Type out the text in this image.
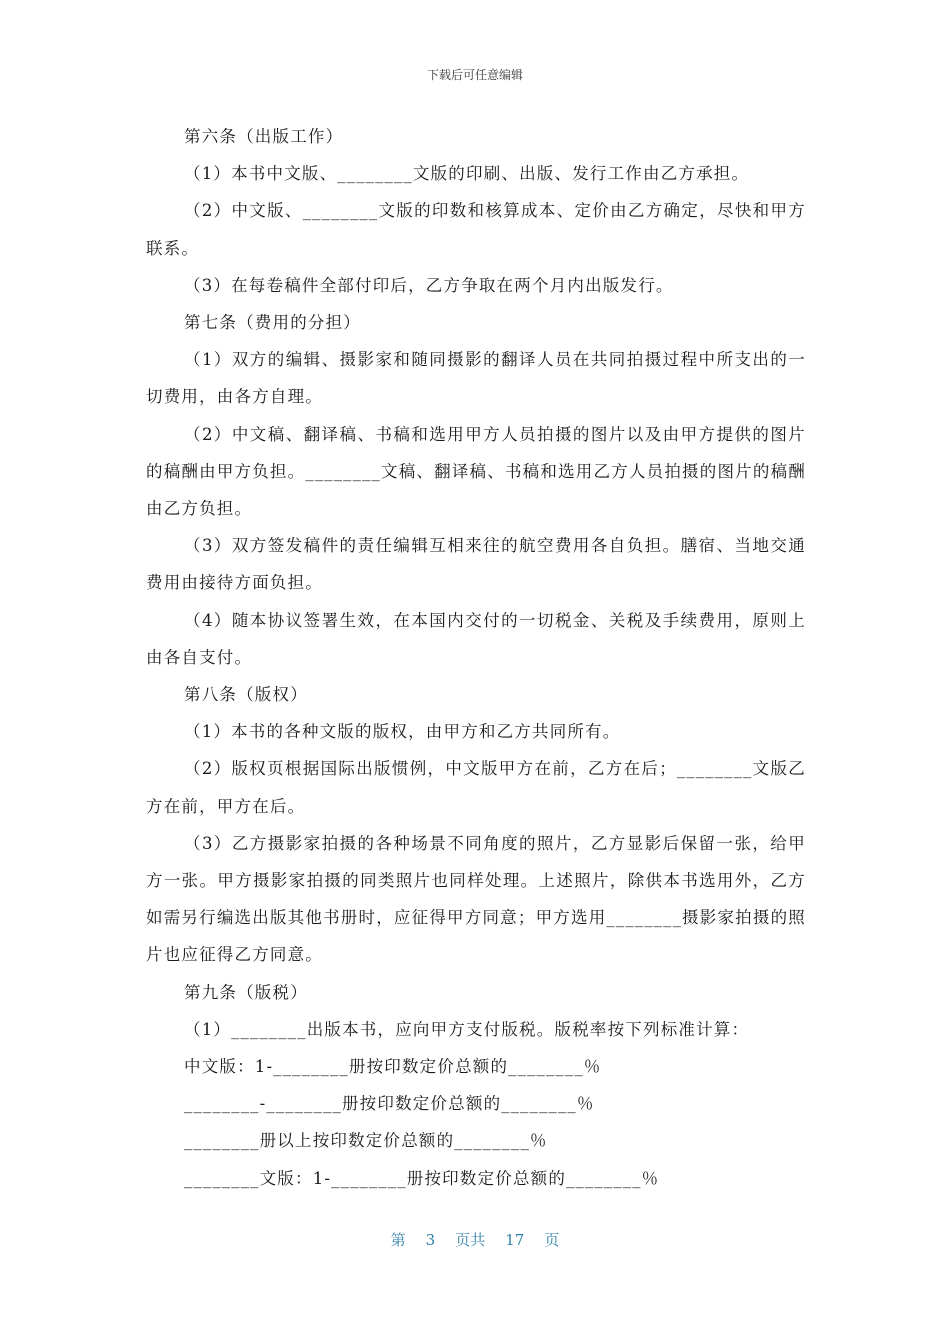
下载后可任意编辑

第六条（出版工作）

（1）本书中文版、________文版的印刷、出版、发行工作由乙方承担。

（2）中文版、________文版的印数和核算成本、定价由乙方确定，尽快和甲方联系。

（3）在每卷稿件全部付印后，乙方争取在两个月内出版发行。

第七条（费用的分担）

（1）双方的编辑、摄影家和随同摄影的翻译人员在共同拍摄过程中所支出的一切费用，由各方自理。

（2）中文稿、翻译稿、书稿和选用甲方人员拍摄的图片以及由甲方提供的图片的稿酬由甲方负担。________文稿、翻译稿、书稿和选用乙方人员拍摄的图片的稿酬由乙方负担。

（3）双方签发稿件的责任编辑互相来往的航空费用各自负担。膳宿、当地交通费用由接待方面负担。

（4）随本协议签署生效，在本国内交付的一切税金、关税及手续费用，原则上由各自支付。

第八条（版权）

（1）本书的各种文版的版权，由甲方和乙方共同所有。

（2）版权页根据国际出版惯例，中文版甲方在前，乙方在后；________文版乙方在前，甲方在后。

（3）乙方摄影家拍摄的各种场景不同角度的照片，乙方显影后保留一张，给甲方一张。甲方摄影家拍摄的同类照片也同样处理。上述照片，除供本书选用外，乙方如需另行编选出版其他书册时，应征得甲方同意；甲方选用________摄影家拍摄的照片也应征得乙方同意。

第九条（版税）

（1）________出版本书，应向甲方支付版税。版税率按下列标准计算：

中文版：1-________册按印数定价总额的________％

________-________册按印数定价总额的________％

________册以上按印数定价总额的________％

________文版：1-________册按印数定价总额的________％

第 3 页共 17 页
